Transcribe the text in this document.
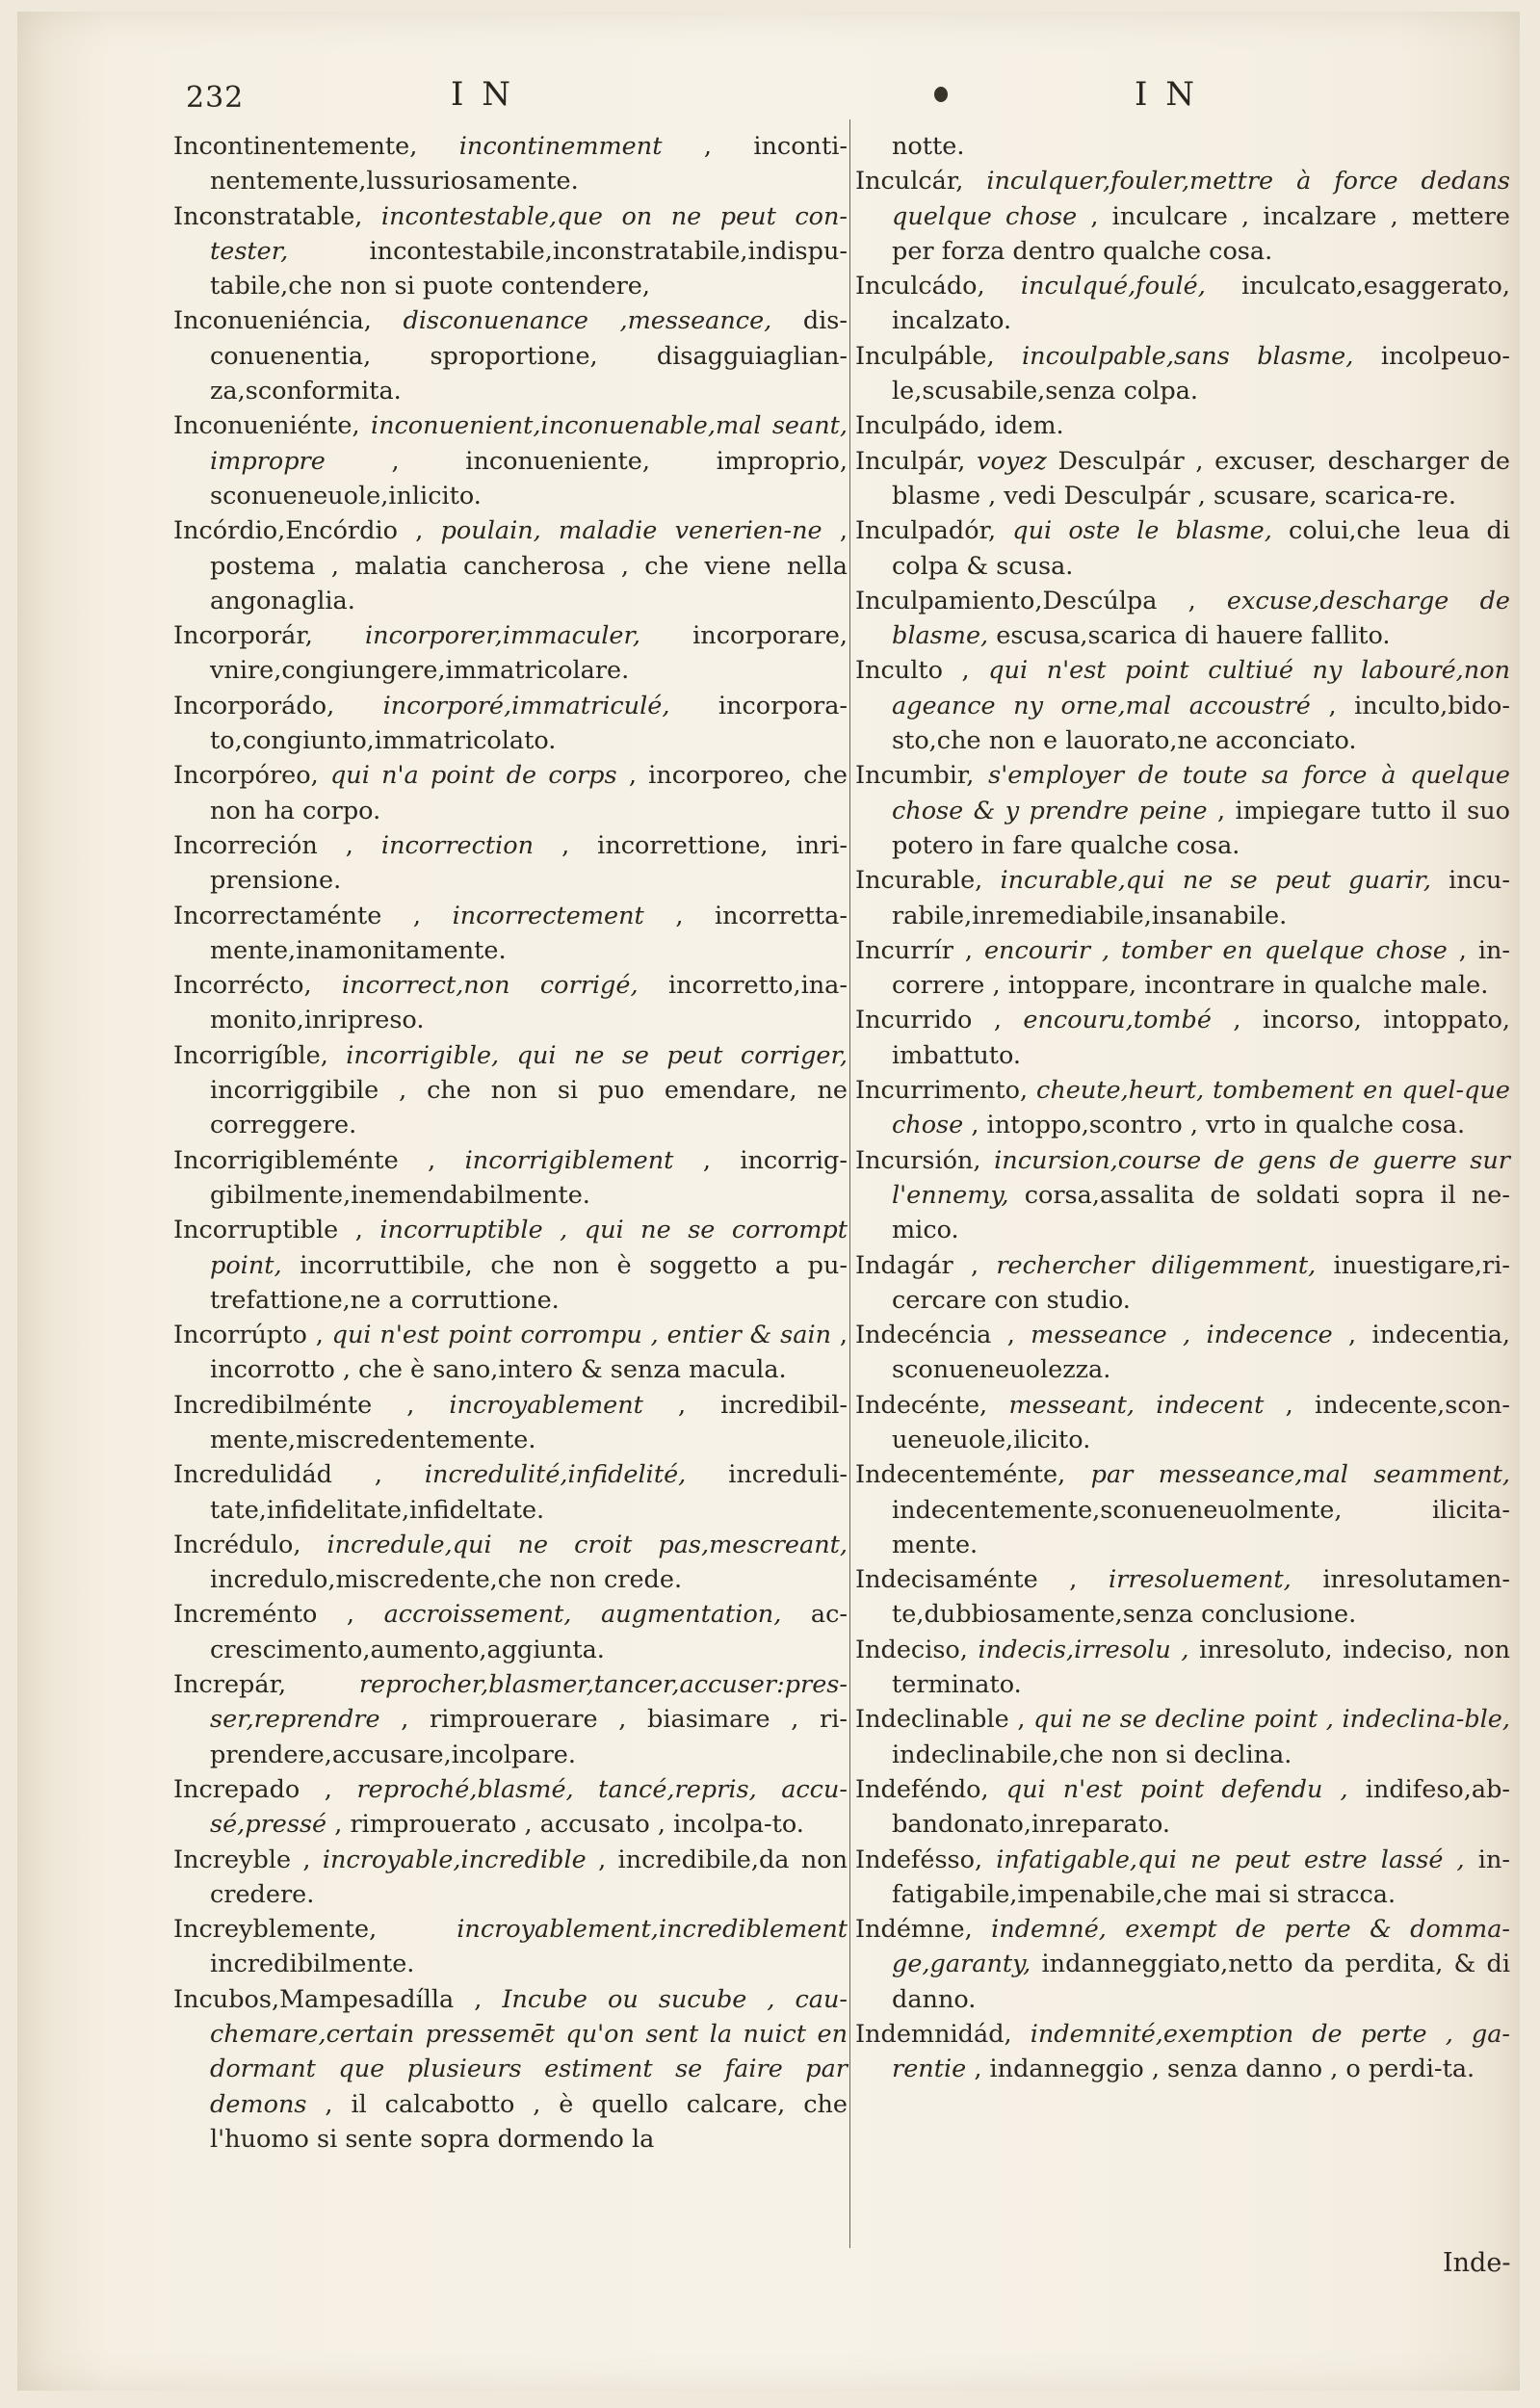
232	I N	I N
Incontinentemente, incontinemment , inconti-nentemente,lussuriosamente.
Inconstratable, incontestable,que on ne peut con-tester,	incontestabile,inconstratabile,indispu-tabile,che non si puote contendere,
Inconueniéncia, disconuenance ,messeance, dis-conuenentia, sproportione, disagguiaglian-za,sconformita.
Inconueniénte, inconuenient,inconuenable,mal seant, impropre	, inconueniente, improprio, sconueneuole,inlicito.
Incórdio,Encórdio , poulain, maladie venerien-ne , postema , malatia cancherosa , che viene nella angonaglia.
Incorporár, incorporer,immaculer, incorporare, vnire,congiungere,immatricolare.
Incorporádo, incorporé,immatriculé, incorpora-to,congiunto,immatricolato.
Incorpóreo, qui n'a point de corps , incorporeo, che non ha corpo.
Incorreción , incorrection , incorrettione, inri-prensione.
Incorrectaménte , incorrectement , incorretta-mente,inamonitamente.
Incorrécto, incorrect,non corrigé, incorretto,ina-monito,inripreso.
Incorrigíble, incorrigible, qui ne se peut corriger, incorriggibile , che non si puo emendare, ne correggere.
Incorrigibleménte , incorrigiblement , incorrig-gibilmente,inemendabilmente.
Incorruptible , incorruptible , qui ne se corrompt point, incorruttibile, che non è soggetto a pu-trefattione,ne a corruttione.
Incorrúpto , qui n'est point corrompu , entier & sain , incorrotto , che è sano,intero & senza macula.
Incredibilménte , incroyablement , incredibil-mente,miscredentemente.
Incredulidád , incredulité,infidelité, increduli-tate,infidelitate,infideltate.
Incrédulo, incredule,qui ne croit pas,mescreant, incredulo,miscredente,che non crede.
Increménto , accroissement, augmentation, ac-crescimento,aumento,aggiunta.
Increpár,	reprocher,blasmer,tancer,accuser:pres-ser,reprendre , rimprouerare , biasimare , ri-prendere,accusare,incolpare.
Increpado , reproché,blasmé, tancé,repris, accu-sé,pressé , rimprouerato , accusato , incolpa-to.
Increyble , incroyable,incredible , incredibile,da non credere.
Increyblemente,	incroyablement,incrediblement incredibilmente.
Incubos,Mampesadílla , Incube ou sucube , cau-chemare,certain pressemēt qu'on sent la nuict en dormant que plusieurs estiment se faire par demons , il calcabotto , è quello calcare, che l'huomo si sente sopra dormendo la
notte.
Inculcár, inculquer,fouler,mettre à force dedans quelque chose , inculcare , incalzare , mettere per forza dentro qualche cosa.
Inculcádo, inculqué,foulé, inculcato,esaggerato, incalzato.
Inculpáble, incoulpable,sans blasme, incolpeuo-le,scusabile,senza colpa.
Inculpádo, idem.
Inculpár, voyez Desculpár , excuser, descharger de blasme , vedi Desculpár , scusare, scarica-re.
Inculpadór, qui oste le blasme, colui,che leua di colpa & scusa.
Inculpamiento,Descúlpa , excuse,descharge de blasme, escusa,scarica di hauere fallito.
Inculto , qui n'est point cultiué ny labouré,non ageance ny orne,mal accoustré , inculto,bido-sto,che non e lauorato,ne acconciato.
Incumbir, s'employer de toute sa force à quelque chose & y prendre peine , impiegare tutto il suo potero in fare qualche cosa.
Incurable, incurable,qui ne se peut guarir, incu-rabile,inremediabile,insanabile.
Incurrír , encourir , tomber en quelque chose , in-correre , intoppare, incontrare in qualche male.
Incurrido , encouru,tombé , incorso, intoppato, imbattuto.
Incurrimento, cheute,heurt, tombement en quel-que chose , intoppo,scontro , vrto in qualche cosa.
Incursión, incursion,course de gens de guerre sur l'ennemy, corsa,assalita de soldati sopra il ne-mico.
Indagár , rechercher diligemment, inuestigare,ri-cercare con studio.
Indecéncia , messeance , indecence , indecentia, sconueneuolezza.
Indecénte, messeant, indecent , indecente,scon-ueneuole,ilicito.
Indecenteménte, par messeance,mal seamment, indecentemente,sconueneuolmente, ilicita-mente.
Indecisaménte , irresoluement, inresolutamen-te,dubbiosamente,senza conclusione.
Indeciso, indecis,irresolu , inresoluto, indeciso, non terminato.
Indeclinable , qui ne se decline point , indeclina-ble, indeclinabile,che non si declina.
Indeféndo, qui n'est point defendu , indifeso,ab-bandonato,inreparato.
Indeféssо, infatigable,qui ne peut estre lassé , in-fatigabile,impenabile,che mai si stracca.
Indémne, indemné, exempt de perte & domma-ge,garanty, indanneggiato,netto da perdita, & di danno.
Indemnidád, indemnité,exemption de perte , ga-rentie , indanneggio , senza danno , o perdi-ta.
Inde-
